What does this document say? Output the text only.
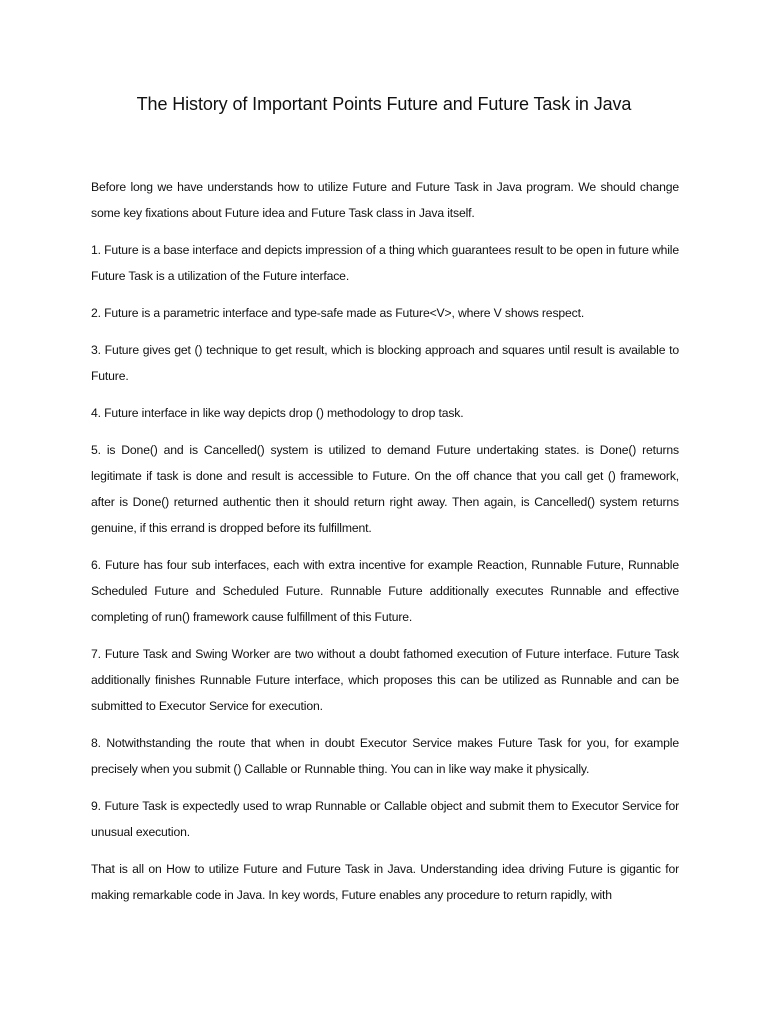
The History of Important Points Future and Future Task in Java

Before long we have understands how to utilize Future and Future Task in Java program. We should change some key fixations about Future idea and Future Task class in Java itself.

1. Future is a base interface and depicts impression of a thing which guarantees result to be open in future while Future Task is a utilization of the Future interface.

2. Future is a parametric interface and type-safe made as Future<V>, where V shows respect.

3. Future gives get () technique to get result, which is blocking approach and squares until result is available to Future.

4. Future interface in like way depicts drop () methodology to drop task.

5. is Done() and is Cancelled() system is utilized to demand Future undertaking states. is Done() returns legitimate if task is done and result is accessible to Future. On the off chance that you call get () framework, after is Done() returned authentic then it should return right away. Then again, is Cancelled() system returns genuine, if this errand is dropped before its fulfillment.

6. Future has four sub interfaces, each with extra incentive for example Reaction, Runnable Future, Runnable Scheduled Future and Scheduled Future. Runnable Future additionally executes Runnable and effective completing of run() framework cause fulfillment of this Future.

7. Future Task and Swing Worker are two without a doubt fathomed execution of Future interface. Future Task additionally finishes Runnable Future interface, which proposes this can be utilized as Runnable and can be submitted to Executor Service for execution.

8. Notwithstanding the route that when in doubt Executor Service makes Future Task for you, for example precisely when you submit () Callable or Runnable thing. You can in like way make it physically.

9. Future Task is expectedly used to wrap Runnable or Callable object and submit them to Executor Service for unusual execution.

That is all on How to utilize Future and Future Task in Java. Understanding idea driving Future is gigantic for making remarkable code in Java. In key words, Future enables any procedure to return rapidly, with
